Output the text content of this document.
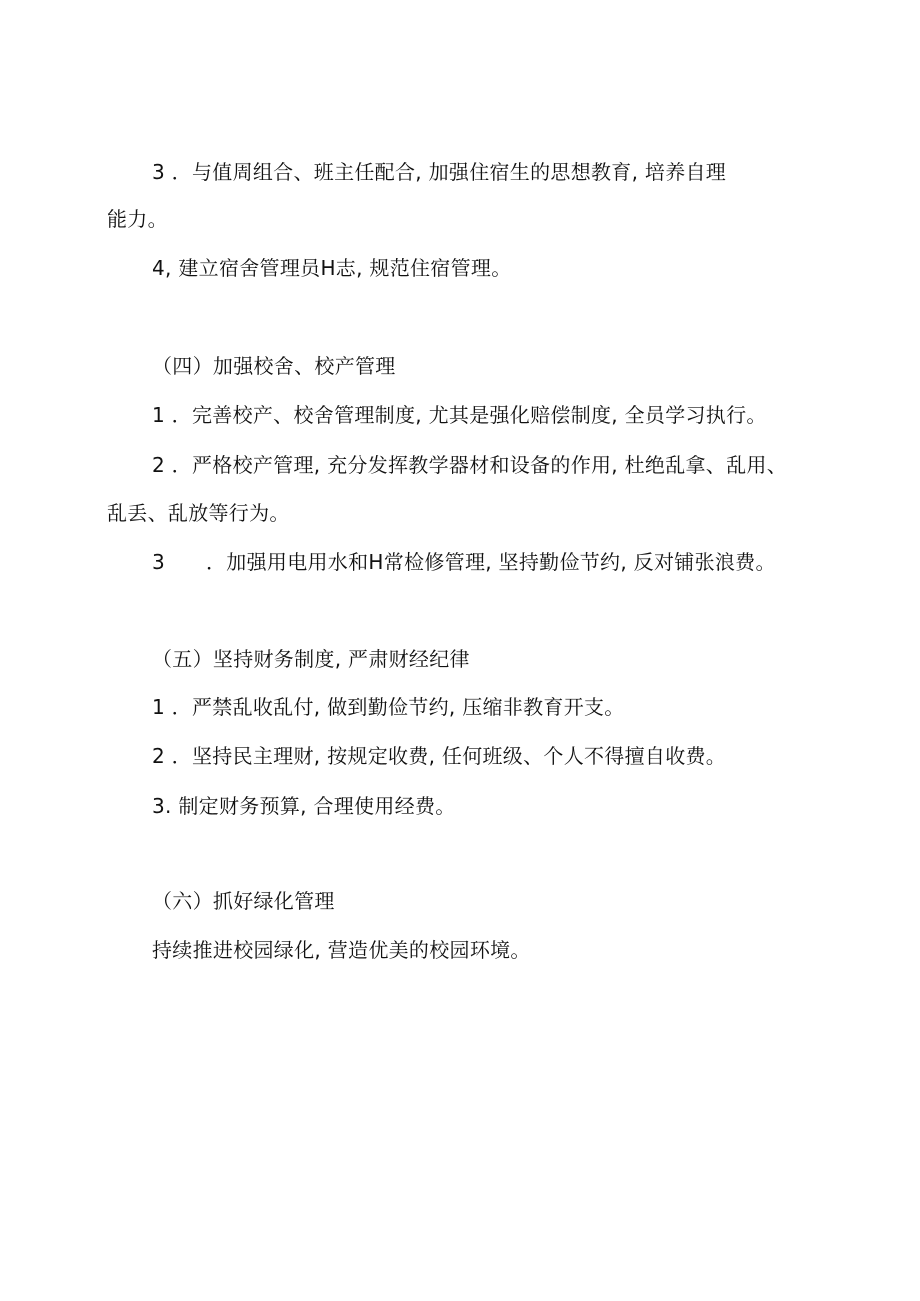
3 ．与值周组合、班主任配合, 加强住宿生的思想教育, 培养自理
能力。
4, 建立宿舍管理员H志, 规范住宿管理。
（四）加强校舍、校产管理
1 ．完善校产、校舍管理制度, 尤其是强化赔偿制度, 全员学习执行。
2 ．严格校产管理, 充分发挥教学器材和设备的作用, 杜绝乱拿、乱用、
乱丢、乱放等行为。
3 ．加强用电用水和H常检修管理, 坚持勤俭节约, 反对铺张浪费。
（五）坚持财务制度, 严肃财经纪律
1 ．严禁乱收乱付, 做到勤俭节约, 压缩非教育开支。
2 ．坚持民主理财, 按规定收费, 任何班级、个人不得擅自收费。
3. 制定财务预算, 合理使用经费。
（六）抓好绿化管理
持续推进校园绿化, 营造优美的校园环境。
